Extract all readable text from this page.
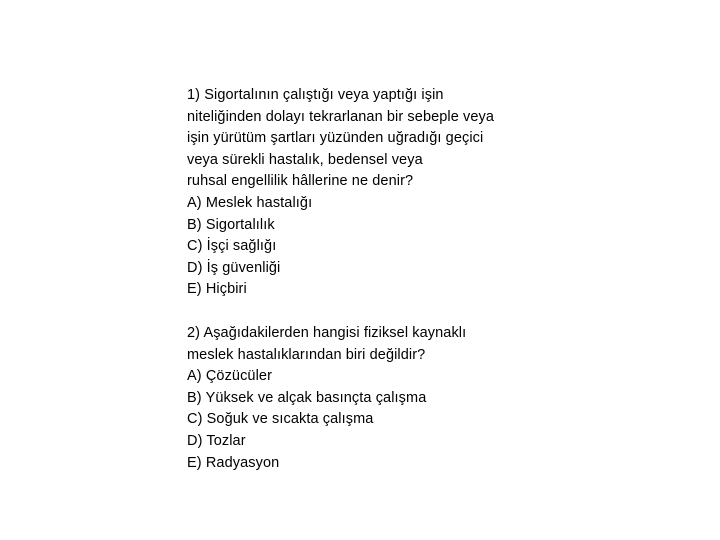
1) Sigortalının çalıştığı veya yaptığı işin
niteliğinden dolayı tekrarlanan bir sebeple veya
işin yürütüm şartları yüzünden uğradığı geçici
veya sürekli hastalık, bedensel veya
ruhsal engellilik hâllerine ne denir?
A) Meslek hastalığı
B) Sigortalılık
C) İşçi sağlığı
D) İş güvenliği
E) Hiçbiri
2) Aşağıdakilerden hangisi fiziksel kaynaklı
meslek hastalıklarından biri değildir?
A) Çözücüler
B) Yüksek ve alçak basınçta çalışma
C) Soğuk ve sıcakta çalışma
D) Tozlar
E) Radyasyon
